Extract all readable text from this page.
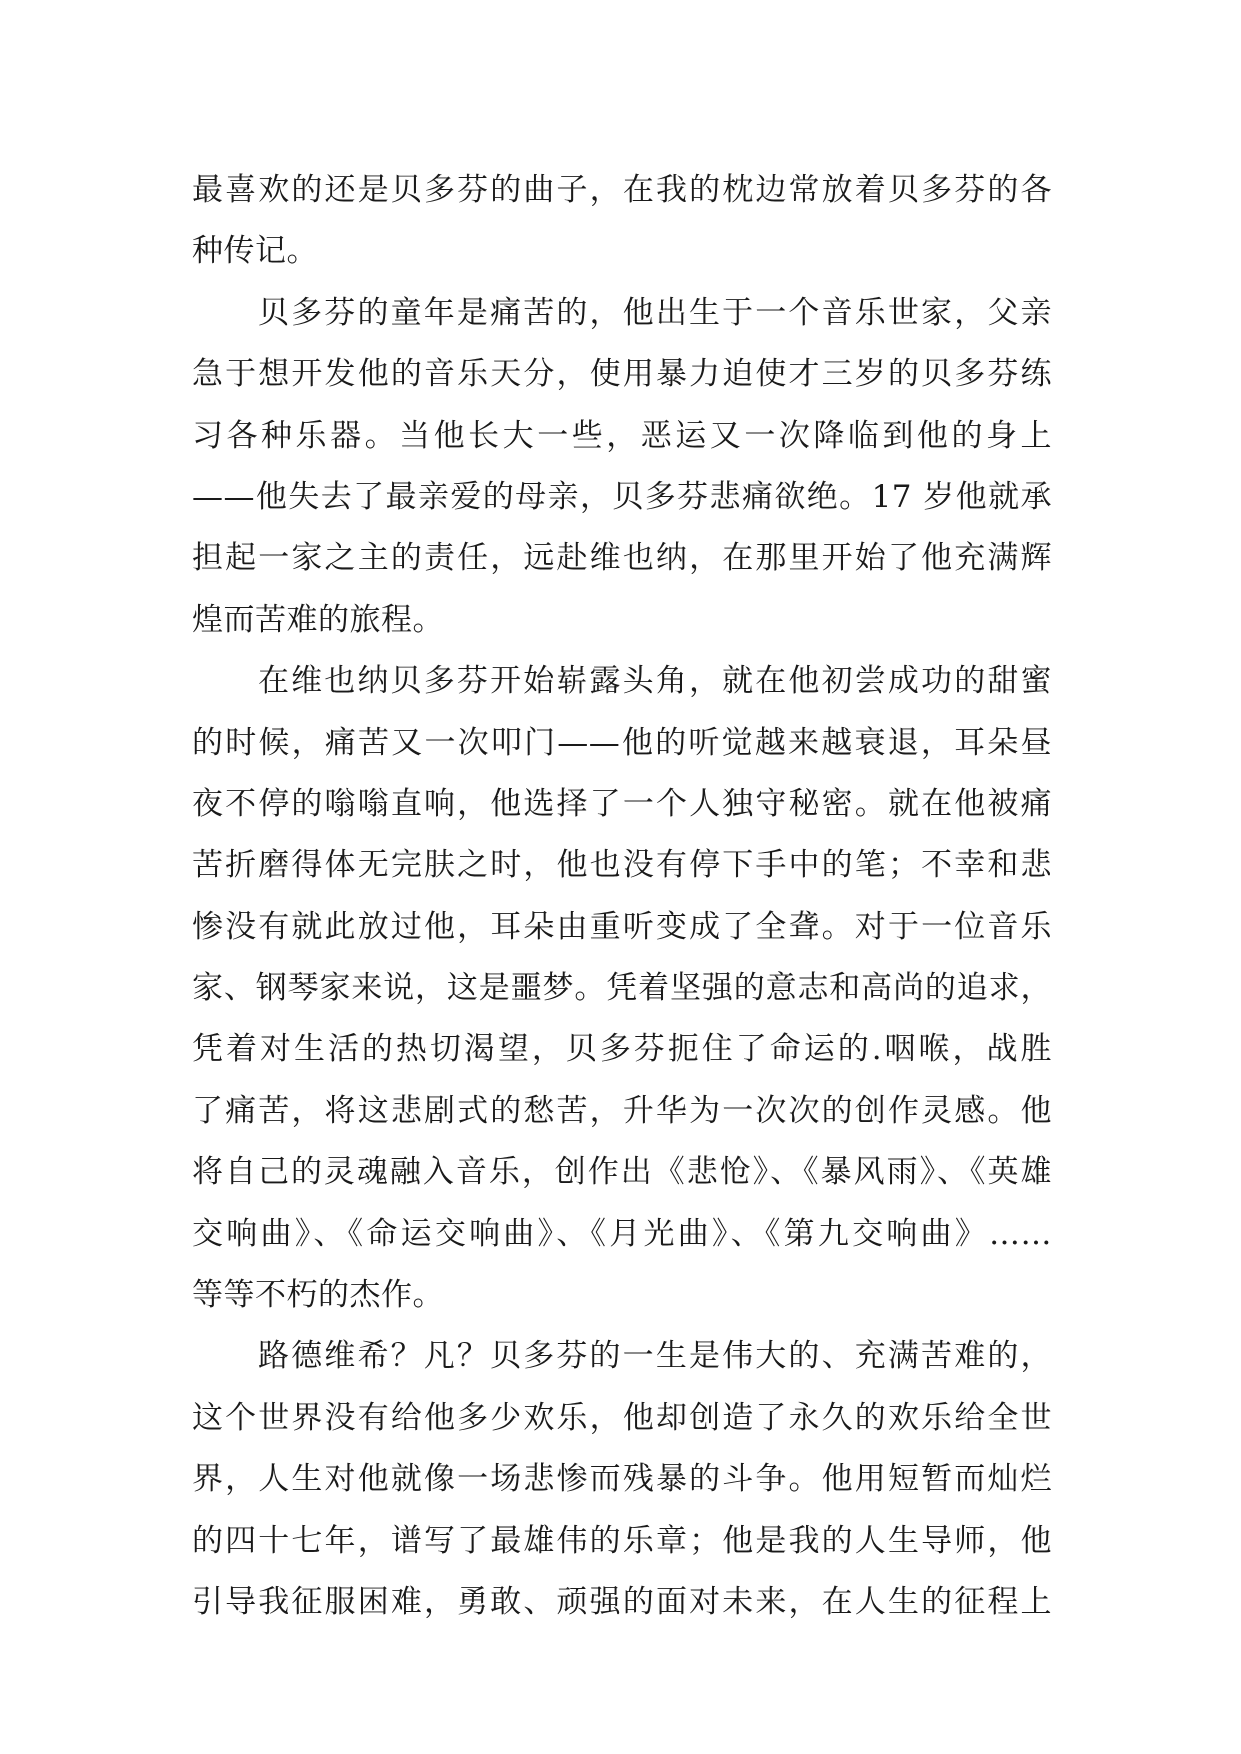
最喜欢的还是贝多芬的曲子，在我的枕边常放着贝多芬的各
种传记。
贝多芬的童年是痛苦的，他出生于一个音乐世家，父亲
急于想开发他的音乐天分，使用暴力迫使才三岁的贝多芬练
习各种乐器。当他长大一些，恶运又一次降临到他的身上
——他失去了最亲爱的母亲，贝多芬悲痛欲绝。17 岁他就承
担起一家之主的责任，远赴维也纳，在那里开始了他充满辉
煌而苦难的旅程。
在维也纳贝多芬开始崭露头角，就在他初尝成功的甜蜜
的时候，痛苦又一次叩门——他的听觉越来越衰退，耳朵昼
夜不停的嗡嗡直响，他选择了一个人独守秘密。就在他被痛
苦折磨得体无完肤之时，他也没有停下手中的笔；不幸和悲
惨没有就此放过他，耳朵由重听变成了全聋。对于一位音乐
家、钢琴家来说，这是噩梦。凭着坚强的意志和高尚的追求，
凭着对生活的热切渴望，贝多芬扼住了命运的.咽喉，战胜
了痛苦，将这悲剧式的愁苦，升华为一次次的创作灵感。他
将自己的灵魂融入音乐，创作出《悲怆》、《暴风雨》、《英雄
交响曲》、《命运交响曲》、《月光曲》、《第九交响曲》……
等等不朽的杰作。
路德维希？凡？贝多芬的一生是伟大的、充满苦难的，
这个世界没有给他多少欢乐，他却创造了永久的欢乐给全世
界，人生对他就像一场悲惨而残暴的斗争。他用短暂而灿烂
的四十七年，谱写了最雄伟的乐章；他是我的人生导师，他
引导我征服困难，勇敢、顽强的面对未来，在人生的征程上
